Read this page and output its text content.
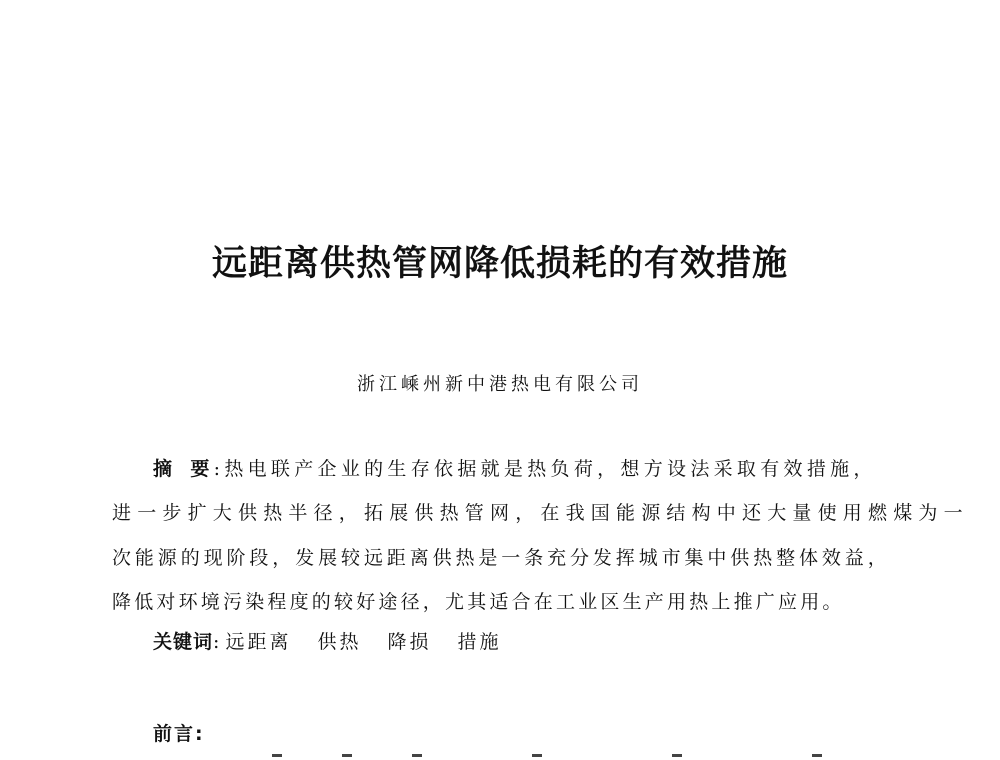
远距离供热管网降低损耗的有效措施
浙江嵊州新中港热电有限公司
摘 要:热电联产企业的生存依据就是热负荷，想方设法采取有效措施，
进一步扩大供热半径，拓展供热管网，在我国能源结构中还大量使用燃煤为一
次能源的现阶段，发展较远距离供热是一条充分发挥城市集中供热整体效益，
降低对环境污染程度的较好途径，尤其适合在工业区生产用热上推广应用。
关键词: 远距离 供热 降损 措施
前言:
